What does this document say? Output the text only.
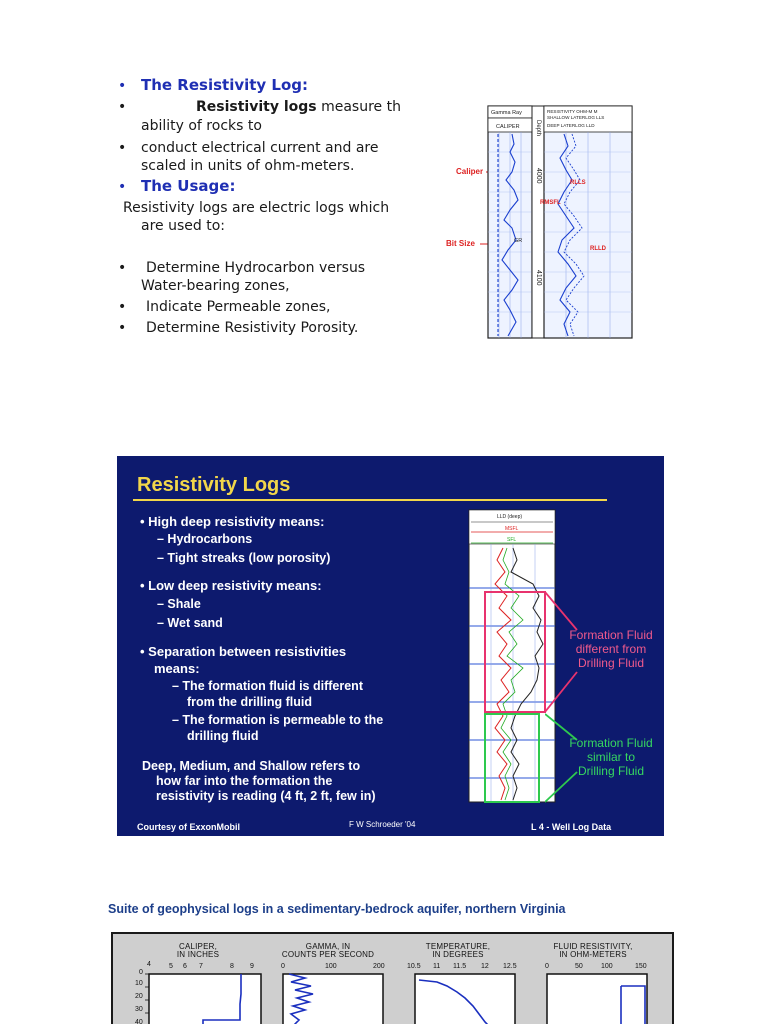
• The Resistivity Log:
•	Resistivity logs measure th
ability of rocks to
• conduct electrical current and are
scaled in units of ohm-meters.
• The Usage:
Resistivity logs are electric logs which
are used to:
• Determine Hydrocarbon versus
Water-bearing zones,
• Indicate Permeable zones,
• Determine Resistivity Porosity.
Caliper
Bit Size
Gamma Ray
CALIPER
GR
Depth
4000
4100
RESISTIVITY OHM-M M
SHALLOW LATERLOG LLS
DEEP LATERLOG LLD
RLLS
RMSFL
RLLD
Resistivity Logs
• High deep resistivity means:
– Hydrocarbons
– Tight streaks (low porosity)
• Low deep resistivity means:
– Shale
– Wet sand
• Separation between resistivities
means:
– The formation fluid is different
from the drilling fluid
– The formation is permeable to the
drilling fluid
Deep, Medium, and Shallow refers to
how far into the formation the
resistivity is reading (4 ft, 2 ft, few in)
LLD (deep)
MSFL
SFL
Formation Fluid
different from
Drilling Fluid
Formation Fluid
similar to
Drilling Fluid
Courtesy of ExxonMobil	F W Schroeder '04	L 4 - Well Log Data
Suite of geophysical logs in a sedimentary-bedrock aquifer, northern Virginia
CALIPER,
IN INCHES
GAMMA, IN
COUNTS PER SECOND
TEMPERATURE,
IN DEGREES
FLUID RESISTIVITY,
IN OHM-METERS
4	5 6 7	8 9	0	100	200	10.5 11 11.5 12 12.5	0	50	100	150
0
10
20
30
40
